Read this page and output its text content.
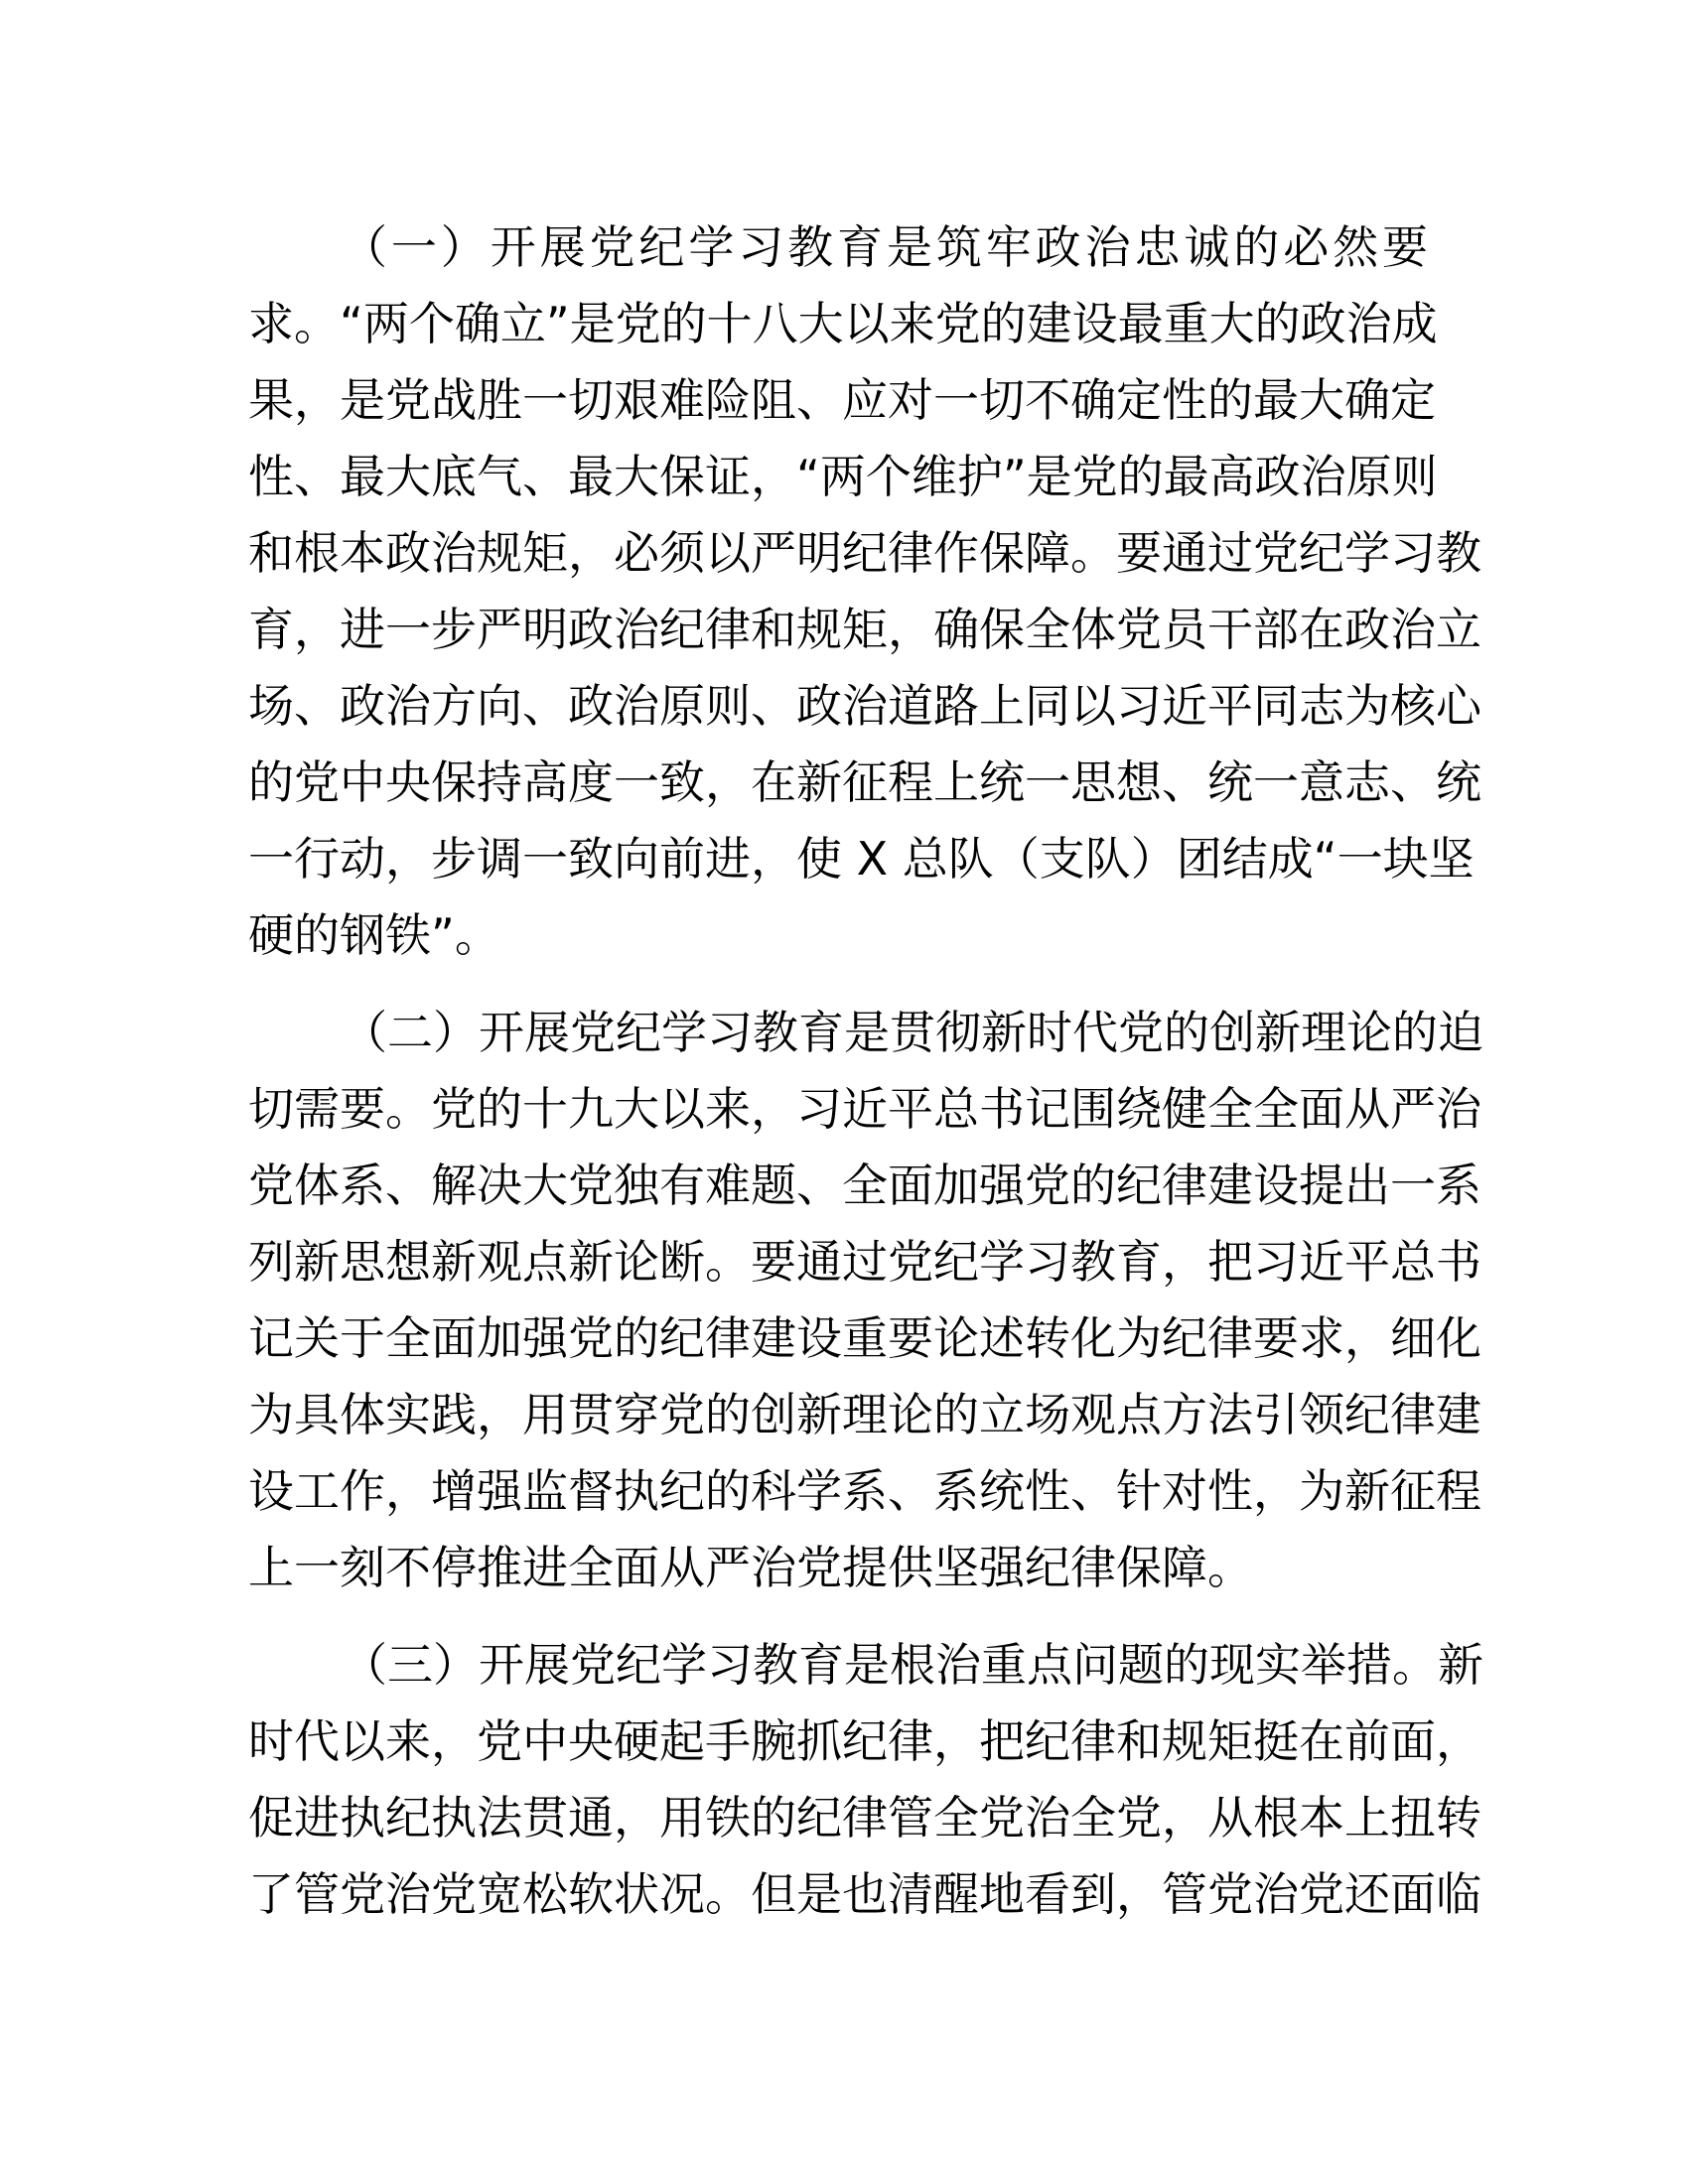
（一）开展党纪学习教育是筑牢政治忠诚的必然要
求。“两个确立”是党的十八大以来党的建设最重大的政治成
果，是党战胜一切艰难险阻、应对一切不确定性的最大确定
性、最大底气、最大保证，“两个维护”是党的最高政治原则
和根本政治规矩，必须以严明纪律作保障。要通过党纪学习教
育，进一步严明政治纪律和规矩，确保全体党员干部在政治立
场、政治方向、政治原则、政治道路上同以习近平同志为核心
的党中央保持高度一致，在新征程上统一思想、统一意志、统
一行动，步调一致向前进，使 X 总队（支队）团结成“一块坚
硬的钢铁”。
（二）开展党纪学习教育是贯彻新时代党的创新理论的迫
切需要。党的十九大以来，习近平总书记围绕健全全面从严治
党体系、解决大党独有难题、全面加强党的纪律建设提出一系
列新思想新观点新论断。要通过党纪学习教育，把习近平总书
记关于全面加强党的纪律建设重要论述转化为纪律要求，细化
为具体实践，用贯穿党的创新理论的立场观点方法引领纪律建
设工作，增强监督执纪的科学系、系统性、针对性，为新征程
上一刻不停推进全面从严治党提供坚强纪律保障。
（三）开展党纪学习教育是根治重点问题的现实举措。新
时代以来，党中央硬起手腕抓纪律，把纪律和规矩挺在前面，
促进执纪执法贯通，用铁的纪律管全党治全党，从根本上扭转
了管党治党宽松软状况。但是也清醒地看到，管党治党还面临
